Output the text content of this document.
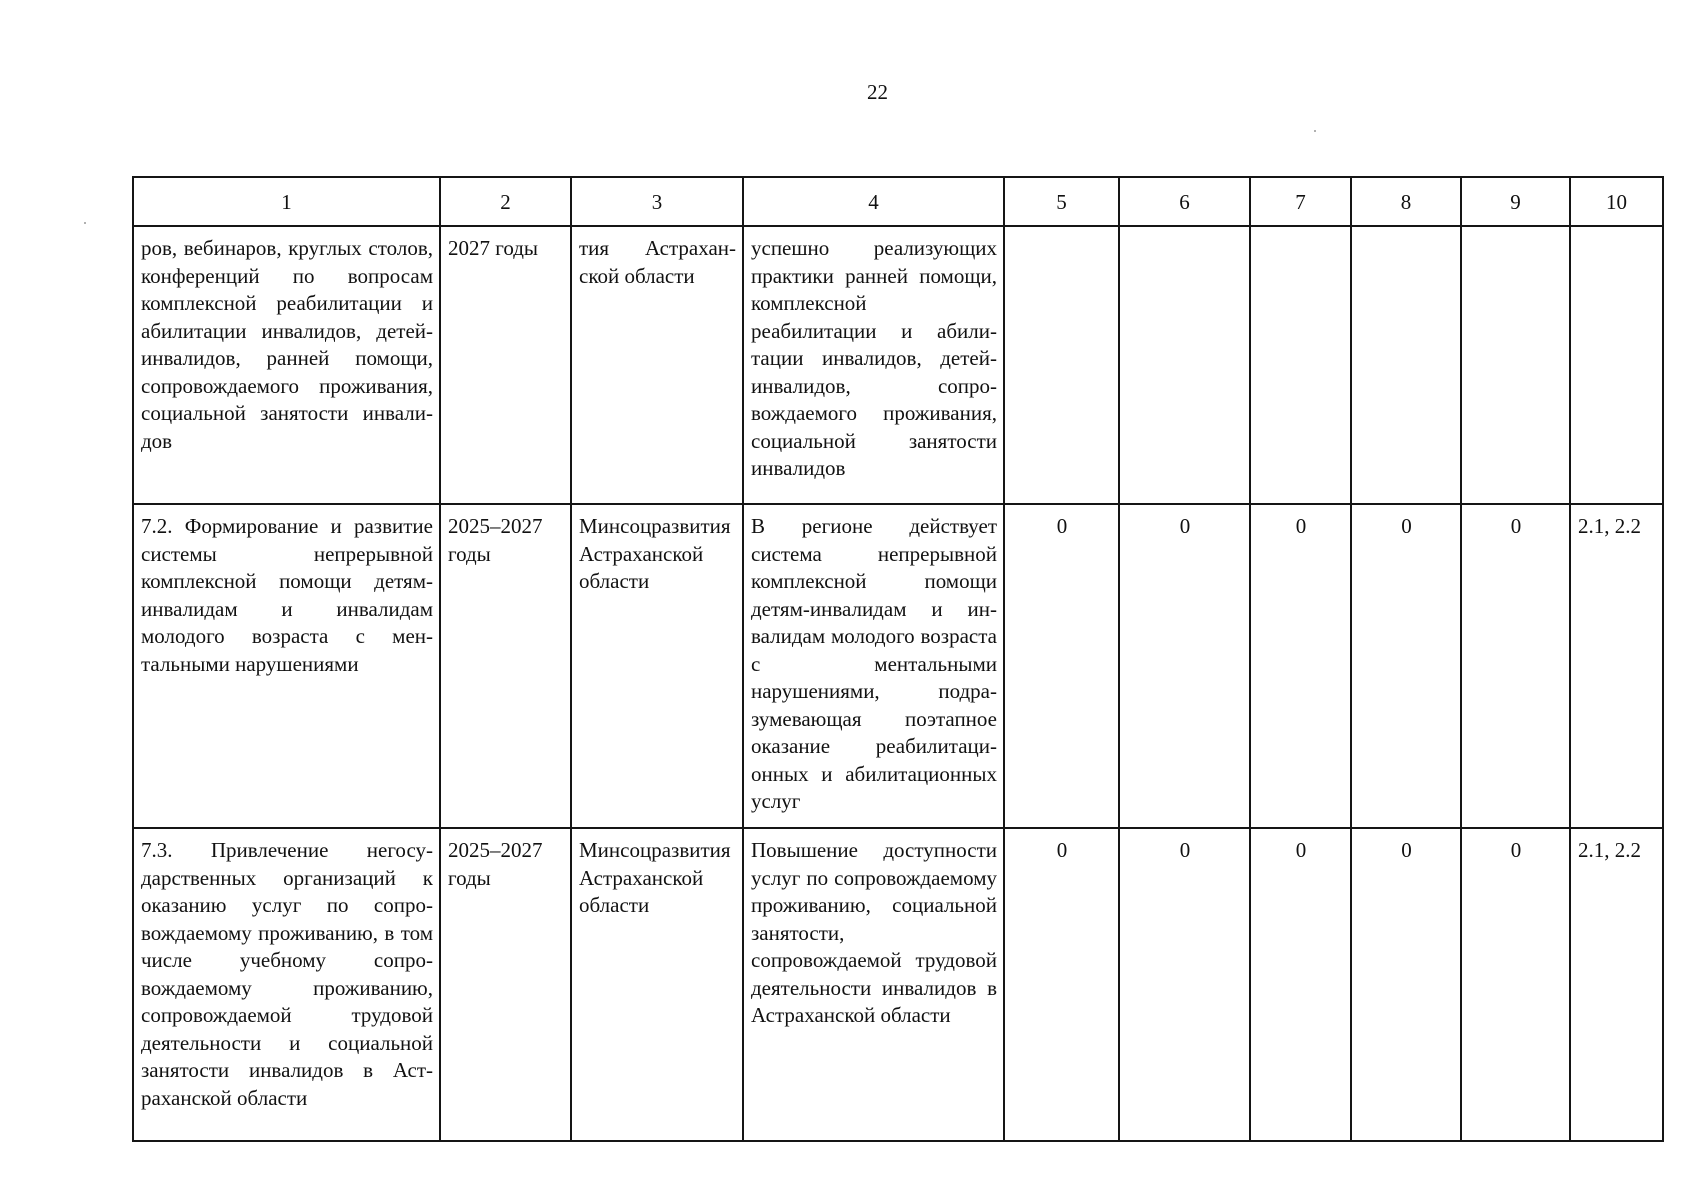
22
1	2	3	4	5	6	7	8	9	10
ров, вебинаров, круглых столов, конференций по вопросам комплексной реабилитации и абилитации инвалидов, детей-инвалидов, ранней помощи, сопровождаемого проживания, социальной занятости инвалидов	2027 годы	тия Астраханской области	успешно реализующих практики ранней помощи, комплексной реабилитации и абилитации инвалидов, детей-инвалидов, сопровождаемого проживания, социальной занятости инвалидов						
7.2. Формирование и развитие системы непрерывной комплексной помощи детям-инвалидам и инвалидам молодого возраста с ментальными нарушениями	2025–2027 годы	Минсоцразвития Астраханской области	В регионе действует система непрерывной комплексной помощи детям-инвалидам и инвалидам молодого возраста с ментальными нарушениями, подразумевающая поэтапное оказание реабилитационных и абилитационных услуг	0	0	0	0	0	2.1, 2.2
7.3. Привлечение негосударственных организаций к оказанию услуг по сопровождаемому проживанию, в том числе учебному сопровождаемому проживанию, сопровождаемой трудовой деятельности и социальной занятости инвалидов в Астраханской области	2025–2027 годы	Минсоцразвития Астраханской области	Повышение доступности услуг по сопровождаемому проживанию, социальной занятости, сопровождаемой трудовой деятельности инвалидов в Астраханской области	0	0	0	0	0	2.1, 2.2
